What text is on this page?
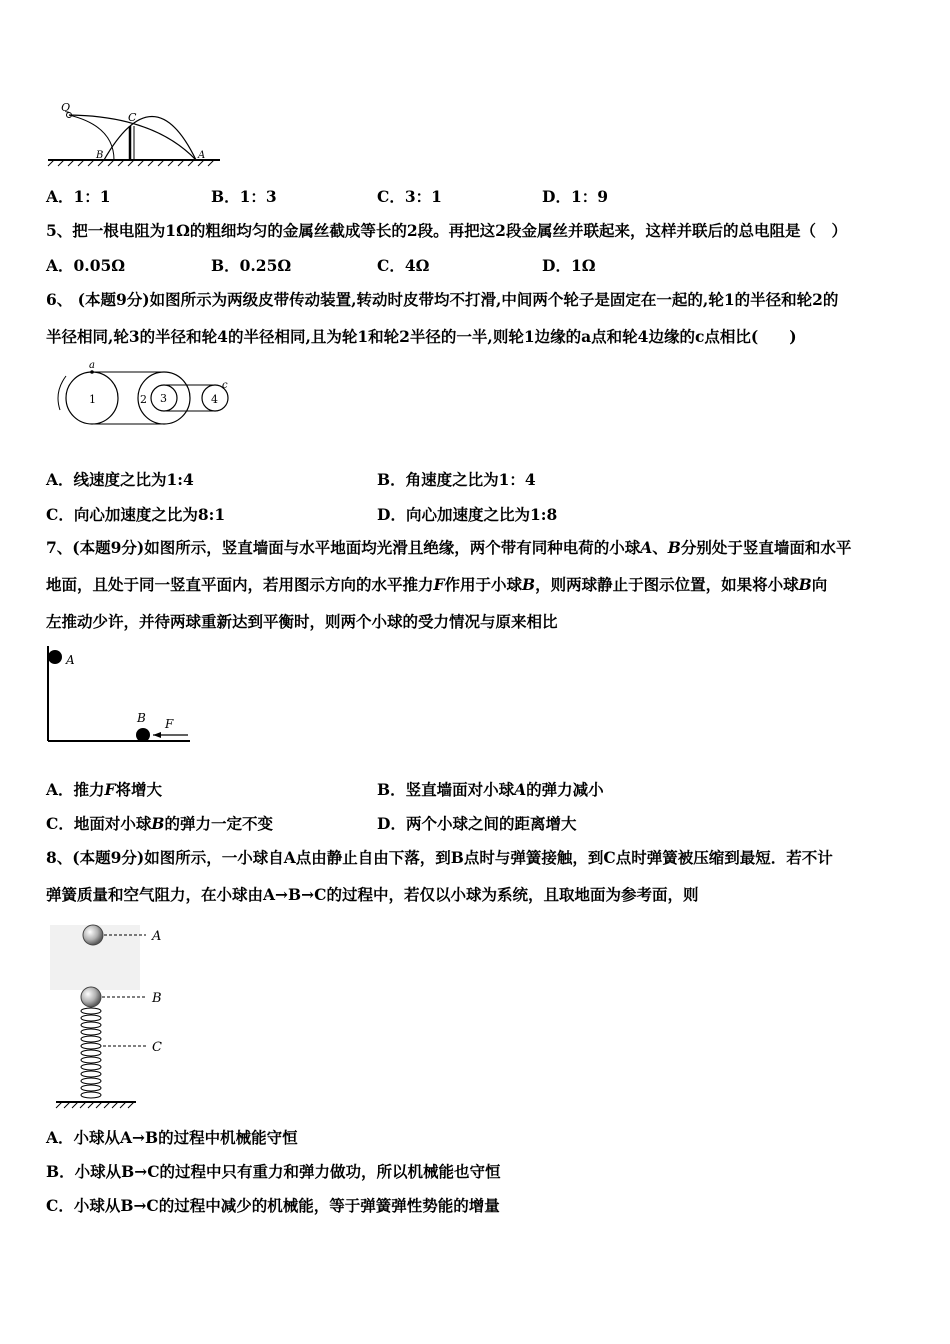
Q
C
B	A
A．1：1	B．1：3	C．3：1	D．1：9
5、把一根电阻为1Ω的粗细均匀的金属丝截成等长的2段。再把这2段金属丝并联起来，这样并联后的总电阻是（　）
A．0.05Ω	B．0.25Ω	C．4Ω	D．1Ω
6、 (本题9分)如图所示为两级皮带传动装置,转动时皮带均不打滑,中间两个轮子是固定在一起的,轮1的半径和轮2的
半径相同,轮3的半径和轮4的半径相同,且为轮1和轮2半径的一半,则轮1边缘的a点和轮4边缘的c点相比(　　)
a
c
1	2 3	4
A．线速度之比为1:4	B．角速度之比为1：4
C．向心加速度之比为8:1	D．向心加速度之比为1:8
7、(本题9分)如图所示，竖直墙面与水平地面均光滑且绝缘，两个带有同种电荷的小球A、B分别处于竖直墙面和水平
地面，且处于同一竖直平面内，若用图示方向的水平推力F作用于小球B，则两球静止于图示位置，如果将小球B向
左推动少许，并待两球重新达到平衡时，则两个小球的受力情况与原来相比
A
B F
A．推力F将增大	B．竖直墙面对小球A的弹力减小
C．地面对小球B的弹力一定不变	D．两个小球之间的距离增大
8、(本题9分)如图所示，一小球自A点由静止自由下落，到B点时与弹簧接触，到C点时弹簧被压缩到最短．若不计
弹簧质量和空气阻力，在小球由A→B→C的过程中，若仅以小球为系统，且取地面为参考面，则
A
B
C
A．小球从A→B的过程中机械能守恒
B．小球从B→C的过程中只有重力和弹力做功，所以机械能也守恒
C．小球从B→C的过程中减少的机械能，等于弹簧弹性势能的增量
